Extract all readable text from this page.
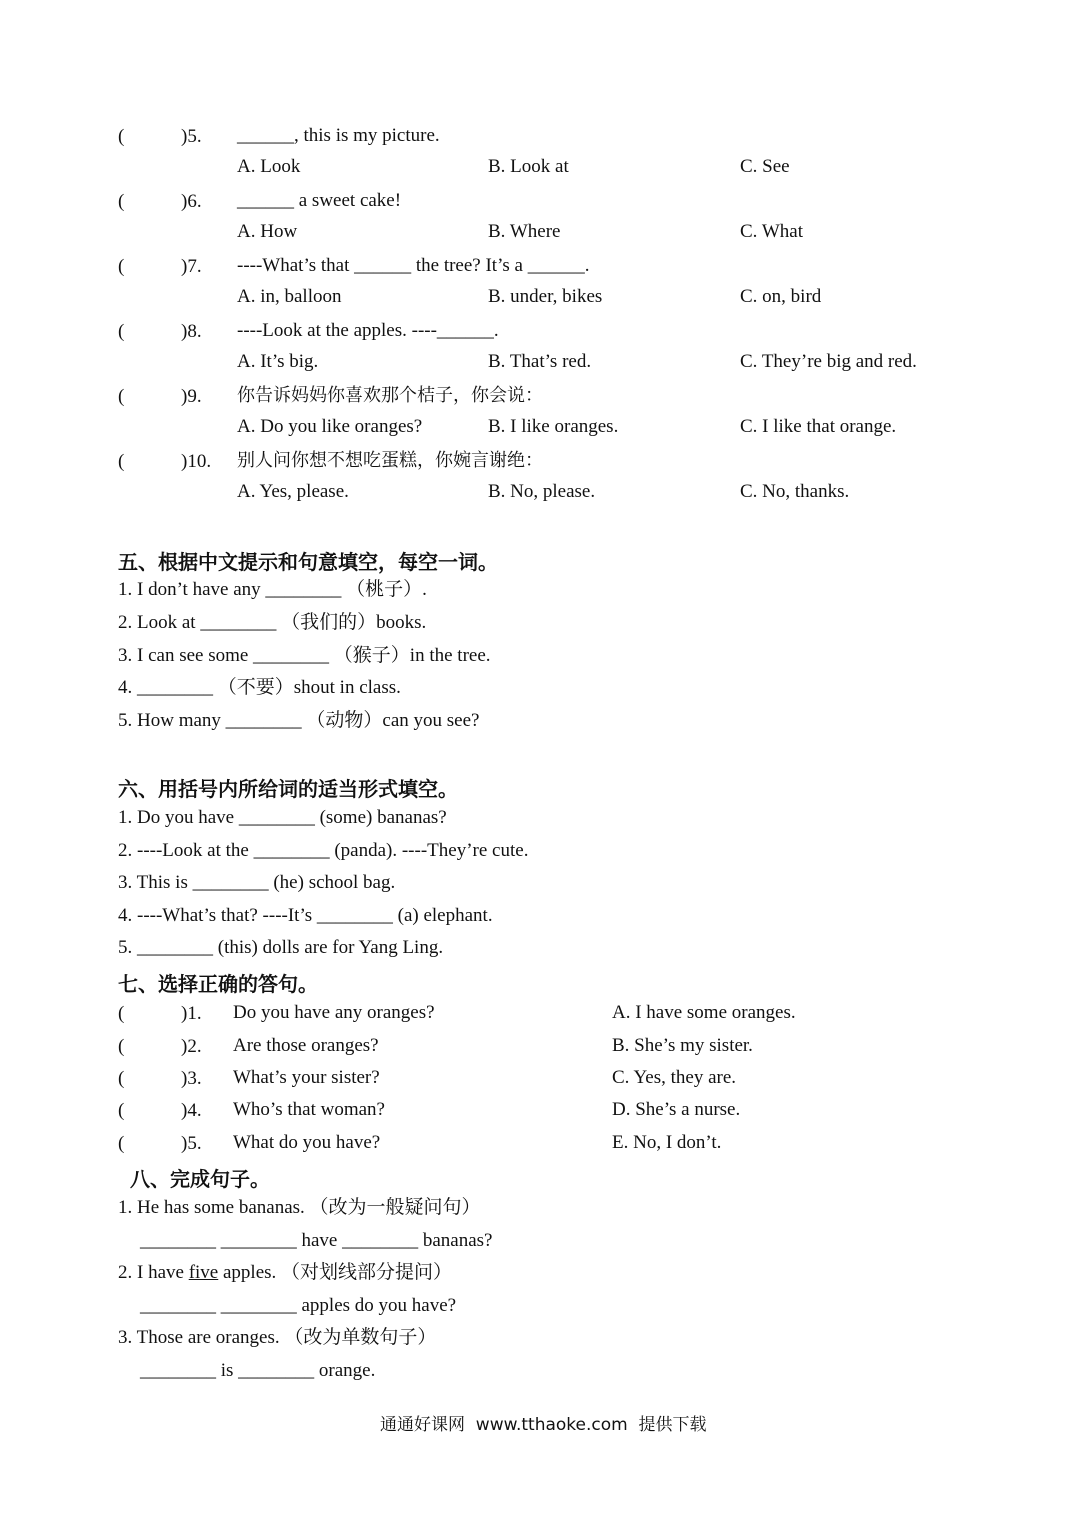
(	)5. ______, this is my picture.
A. Look	B. Look at	C. See
(	)6. ______ a sweet cake!
A. How	B. Where	C. What
(	)7. ----What’s that ______ the tree? It’s a ______.
A. in, balloon	B. under, bikes	C. on, bird
(	)8. ----Look at the apples. ----______.
A. It’s big.	B. That’s red.	C. They’re big and red.
(	)9. 你告诉妈妈你喜欢那个桔子，你会说：
A. Do you like oranges?	B. I like oranges.	C. I like that orange.
(	)10. 别人问你想不想吃蛋糕，你婉言谢绝：
A. Yes, please.	B. No, please.	C. No, thanks.
五、根据中文提示和句意填空，每空一词。
1. I don’t have any ________ （桃子）.
2. Look at ________ （我们的）books.
3. I can see some ________ （猴子）in the tree.
4. ________ （不要）shout in class.
5. How many ________ （动物）can you see?
六、用括号内所给词的适当形式填空。
1. Do you have ________ (some) bananas?
2. ----Look at the ________ (panda). ----They’re cute.
3. This is ________ (he) school bag.
4. ----What’s that? ----It’s ________ (a) elephant.
5. ________ (this) dolls are for Yang Ling.
七、选择正确的答句。
(	)1. Do you have any oranges?	A. I have some oranges.
(	)2. Are those oranges?	B. She’s my sister.
(	)3. What’s your sister?	C. Yes, they are.
(	)4. Who’s that woman?	D. She’s a nurse.
(	)5. What do you have?	E. No, I don’t.
八、完成句子。
1. He has some bananas. （改为一般疑问句）
________ ________ have ________ bananas?
2. I have five apples. （对划线部分提问）
________ ________ apples do you have?
3. Those are oranges. （改为单数句子）
________ is ________ orange.
通通好课网  www.tthaoke.com  提供下载
